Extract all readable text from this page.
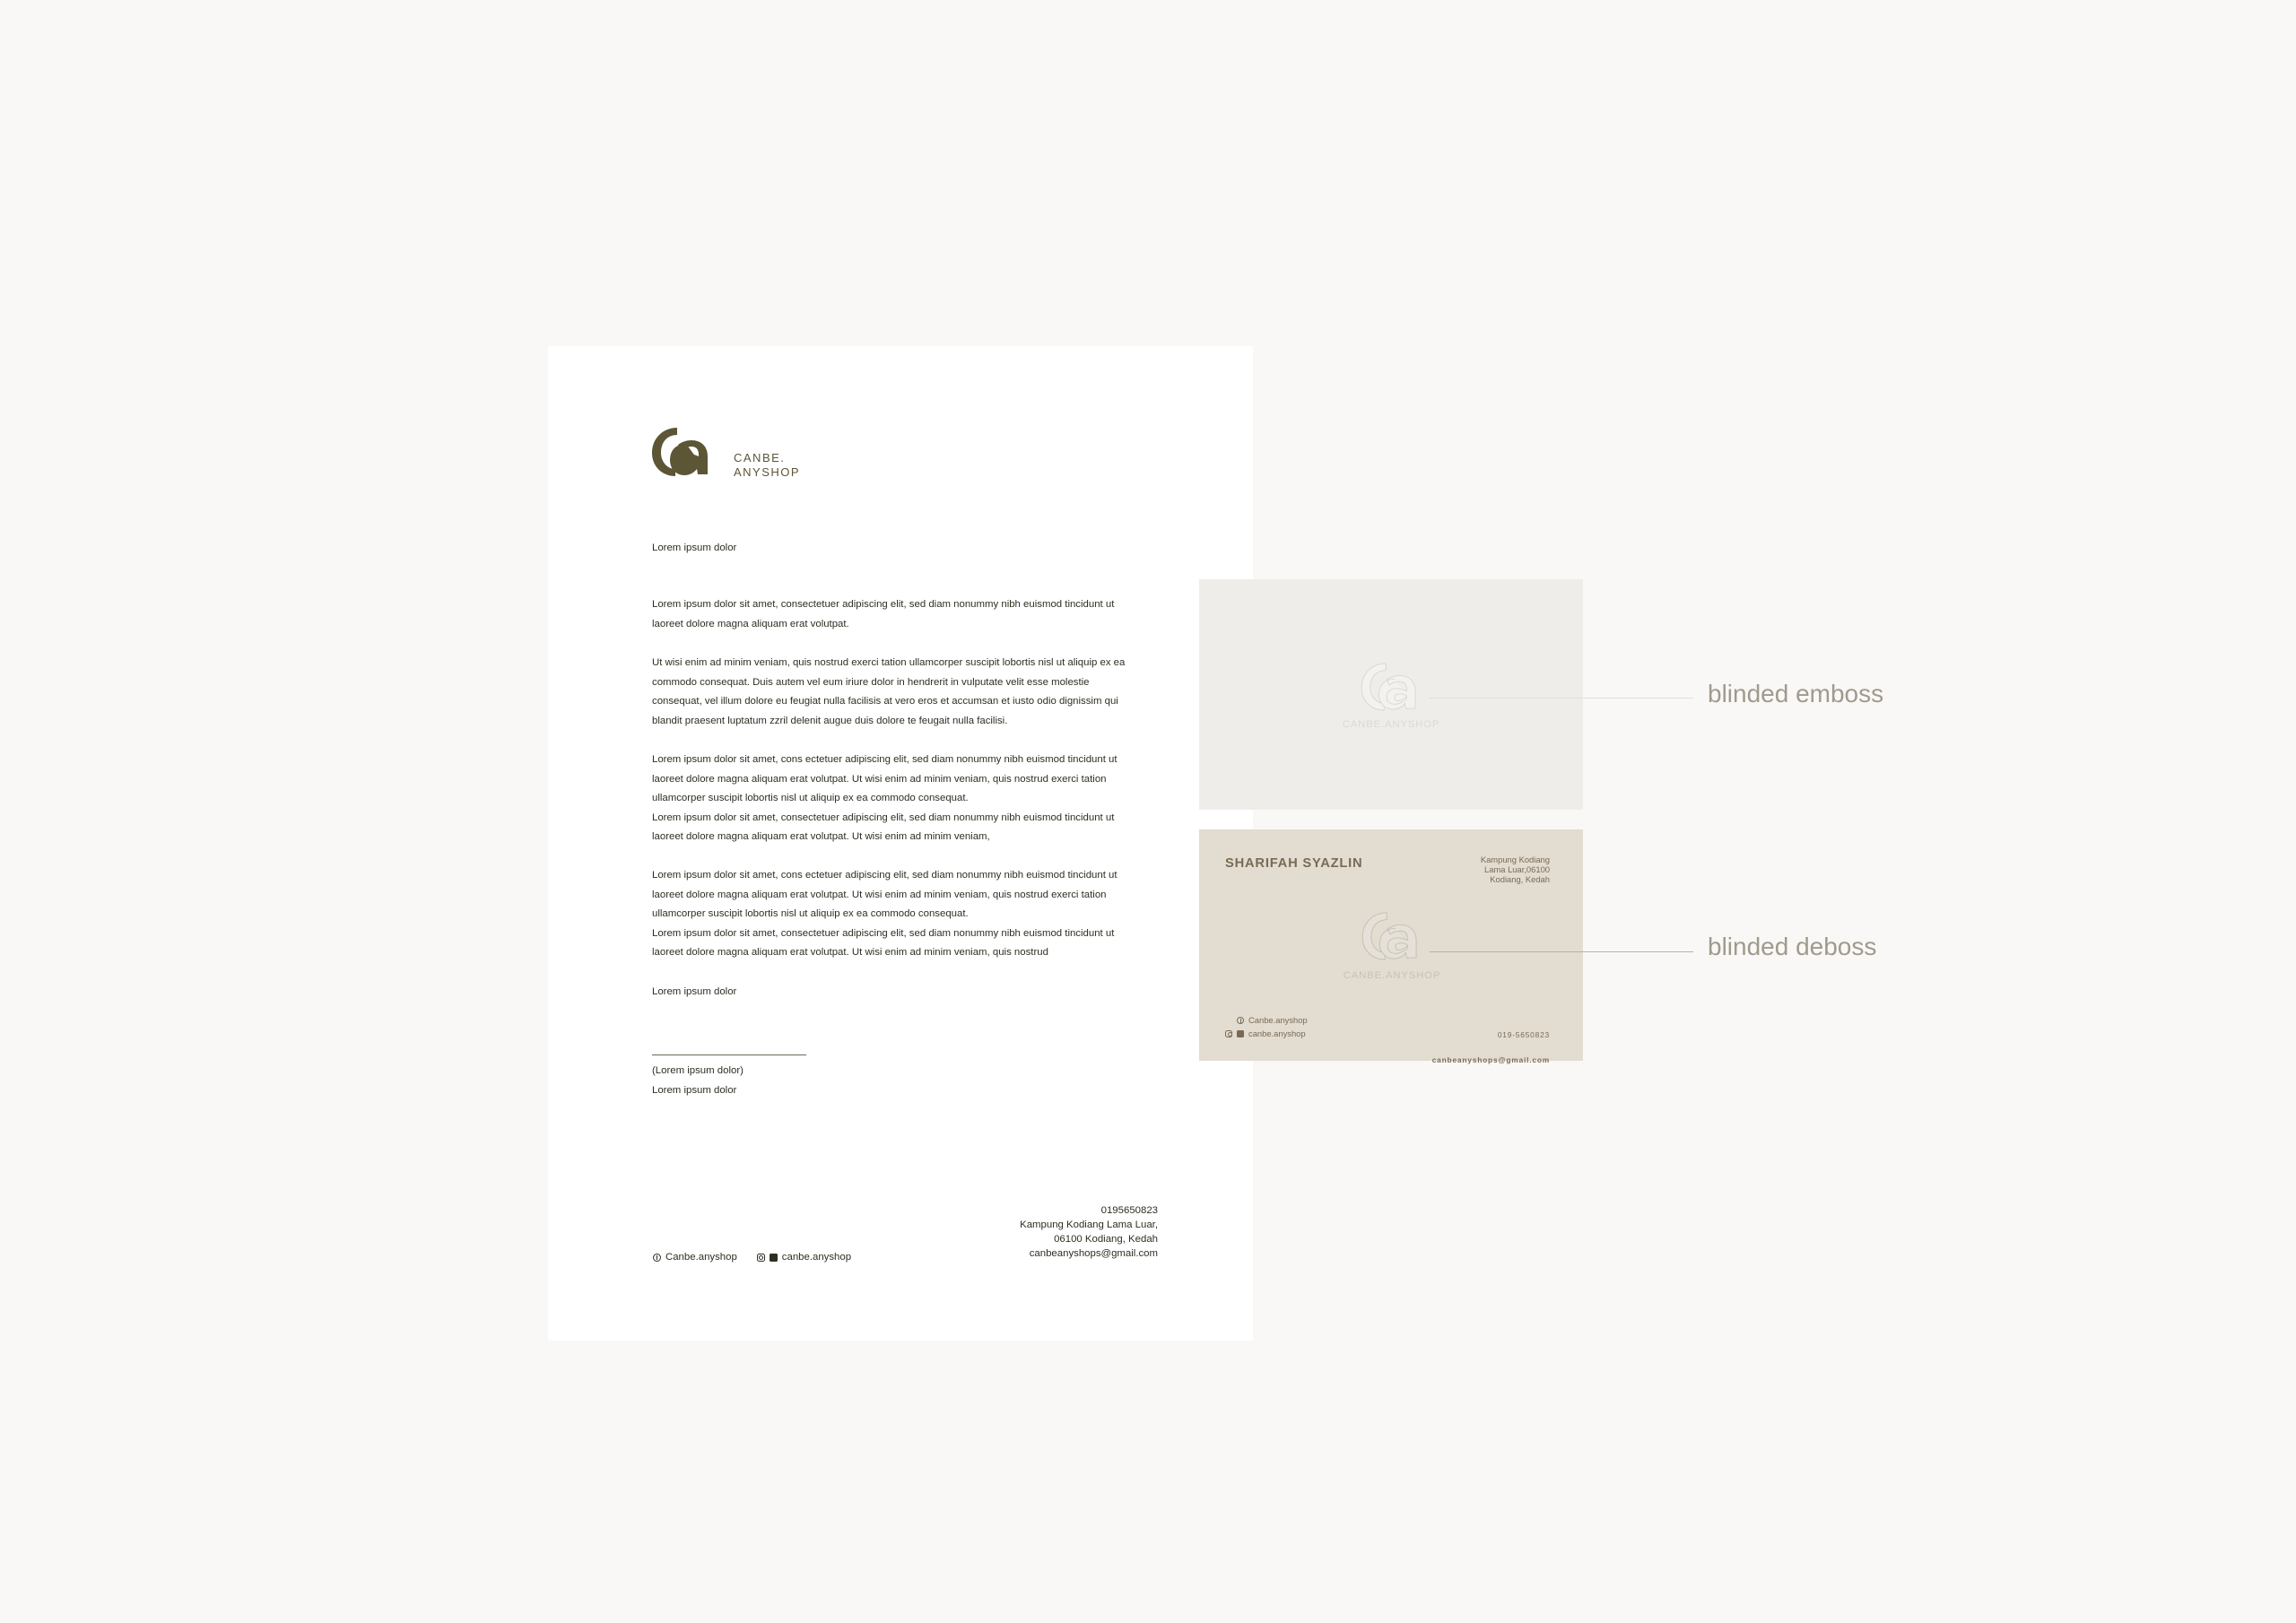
CANBE.
ANYSHOP
Lorem ipsum dolor
Lorem ipsum dolor sit amet, consectetuer adipiscing elit, sed diam nonummy nibh euismod tincidunt ut
laoreet dolore magna aliquam erat volutpat.
Ut wisi enim ad minim veniam, quis nostrud exerci tation ullamcorper suscipit lobortis nisl ut aliquip ex ea
commodo consequat. Duis autem vel eum iriure dolor in hendrerit in vulputate velit esse molestie
consequat, vel illum dolore eu feugiat nulla facilisis at vero eros et accumsan et iusto odio dignissim qui
blandit praesent luptatum zzril delenit augue duis dolore te feugait nulla facilisi.
Lorem ipsum dolor sit amet, cons ectetuer adipiscing elit, sed diam nonummy nibh euismod tincidunt ut
laoreet dolore magna aliquam erat volutpat. Ut wisi enim ad minim veniam, quis nostrud exerci tation
ullamcorper suscipit lobortis nisl ut aliquip ex ea commodo consequat.
Lorem ipsum dolor sit amet, consectetuer adipiscing elit, sed diam nonummy nibh euismod tincidunt ut
laoreet dolore magna aliquam erat volutpat. Ut wisi enim ad minim veniam,
Lorem ipsum dolor sit amet, cons ectetuer adipiscing elit, sed diam nonummy nibh euismod tincidunt ut
laoreet dolore magna aliquam erat volutpat. Ut wisi enim ad minim veniam, quis nostrud exerci tation
ullamcorper suscipit lobortis nisl ut aliquip ex ea commodo consequat.
Lorem ipsum dolor sit amet, consectetuer adipiscing elit, sed diam nonummy nibh euismod tincidunt ut
laoreet dolore magna aliquam erat volutpat. Ut wisi enim ad minim veniam, quis nostrud
Lorem ipsum dolor
(Lorem ipsum dolor)
Lorem ipsum dolor
Canbe.anyshop	canbe.anyshop
0195650823
Kampung Kodiang Lama Luar,
06100 Kodiang, Kedah
canbeanyshops@gmail.com
CANBE.ANYSHOP
blinded emboss
SHARIFAH SYAZLIN	Kampung Kodiang
Lama Luar,06100
Kodiang, Kedah
CANBE.ANYSHOP
blinded deboss
Canbe.anyshop
canbe.anyshop	019-5650823

canbeanyshops@gmail.com
